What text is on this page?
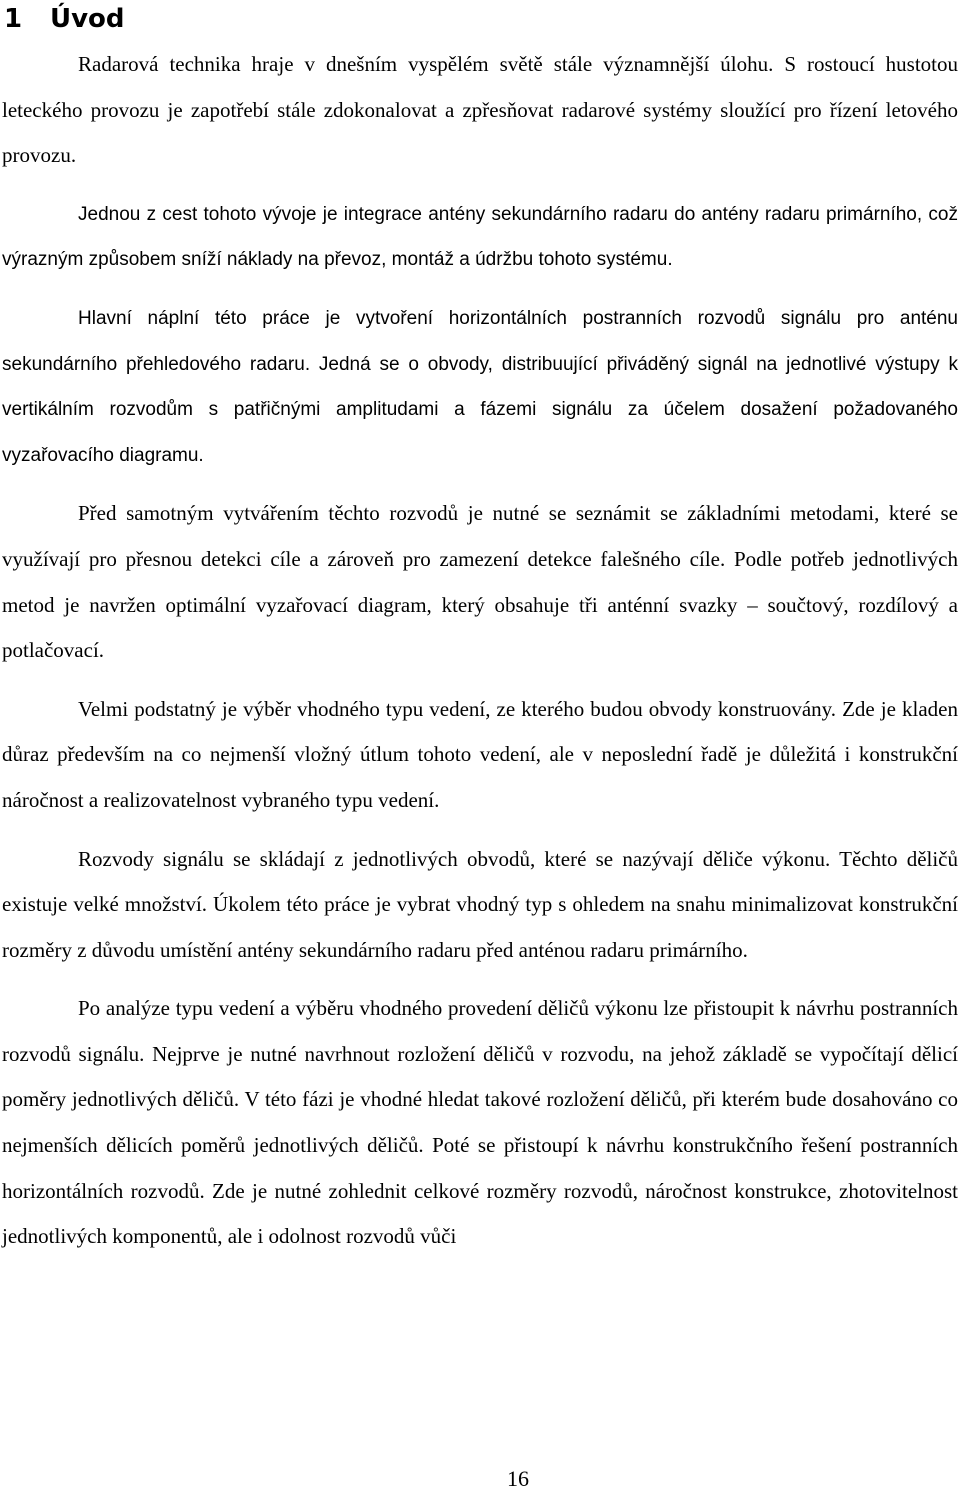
1 Úvod

Radarová technika hraje v dnešním vyspělém světě stále významnější úlohu. S rostoucí hustotou leteckého provozu je zapotřebí stále zdokonalovat a zpřesňovat radarové systémy sloužící pro řízení letového provozu.

Jednou z cest tohoto vývoje je integrace antény sekundárního radaru do antény radaru primárního, což výrazným způsobem sníží náklady na převoz, montáž a údržbu tohoto systému.

Hlavní náplní této práce je vytvoření horizontálních postranních rozvodů signálu pro anténu sekundárního přehledového radaru. Jedná se o obvody, distribuující přiváděný signál na jednotlivé výstupy k vertikálním rozvodům s patřičnými amplitudami a fázemi signálu za účelem dosažení požadovaného vyzařovacího diagramu.

Před samotným vytvářením těchto rozvodů je nutné se seznámit se základními metodami, které se využívají pro přesnou detekci cíle a zároveň pro zamezení detekce falešného cíle. Podle potřeb jednotlivých metod je navržen optimální vyzařovací diagram, který obsahuje tři anténní svazky – součtový, rozdílový a potlačovací.

Velmi podstatný je výběr vhodného typu vedení, ze kterého budou obvody konstruovány. Zde je kladen důraz především na co nejmenší vložný útlum tohoto vedení, ale v neposlední řadě je důležitá i konstrukční náročnost a realizovatelnost vybraného typu vedení.

Rozvody signálu se skládají z jednotlivých obvodů, které se nazývají děliče výkonu. Těchto děličů existuje velké množství. Úkolem této práce je vybrat vhodný typ s ohledem na snahu minimalizovat konstrukční rozměry z důvodu umístění antény sekundárního radaru před anténou radaru primárního.

Po analýze typu vedení a výběru vhodného provedení děličů výkonu lze přistoupit k návrhu postranních rozvodů signálu. Nejprve je nutné navrhnout rozložení děličů v rozvodu, na jehož základě se vypočítají dělicí poměry jednotlivých děličů. V této fázi je vhodné hledat takové rozložení děličů, při kterém bude dosahováno co nejmenších dělicích poměrů jednotlivých děličů. Poté se přistoupí k návrhu konstrukčního řešení postranních horizontálních rozvodů. Zde je nutné zohlednit celkové rozměry rozvodů, náročnost konstrukce, zhotovitelnost jednotlivých komponentů, ale i odolnost rozvodů vůči

16
